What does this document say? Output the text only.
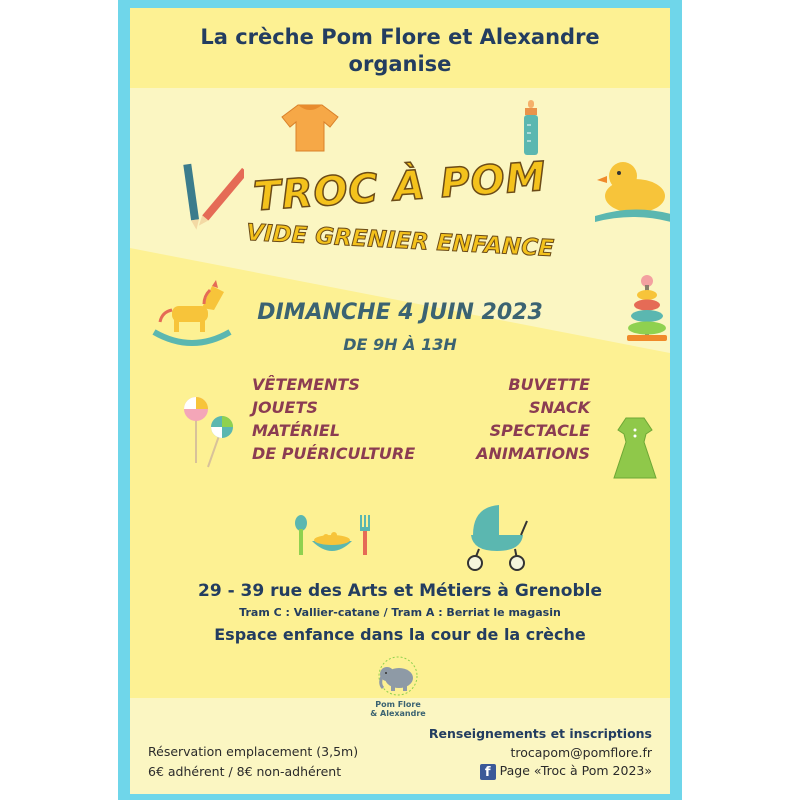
La crèche Pom Flore et Alexandre
organise
TROC À POM
VIDE GRENIER ENFANCE
DIMANCHE 4 JUIN 2023
DE 9H À 13H
VÊTEMENTS
JOUETS
MATÉRIEL
DE PUÉRICULTURE
BUVETTE
SNACK
SPECTACLE
ANIMATIONS
29 - 39 rue des Arts et Métiers à Grenoble
Tram C : Vallier-catane / Tram A : Berriat le magasin
Espace enfance dans la cour de la crèche
Pom Flore
& Alexandre
Réservation emplacement (3,5m)
6€ adhérent / 8€ non-adhérent
Renseignements et inscriptions
trocapom@pomflore.fr
f Page «Troc à Pom 2023»
